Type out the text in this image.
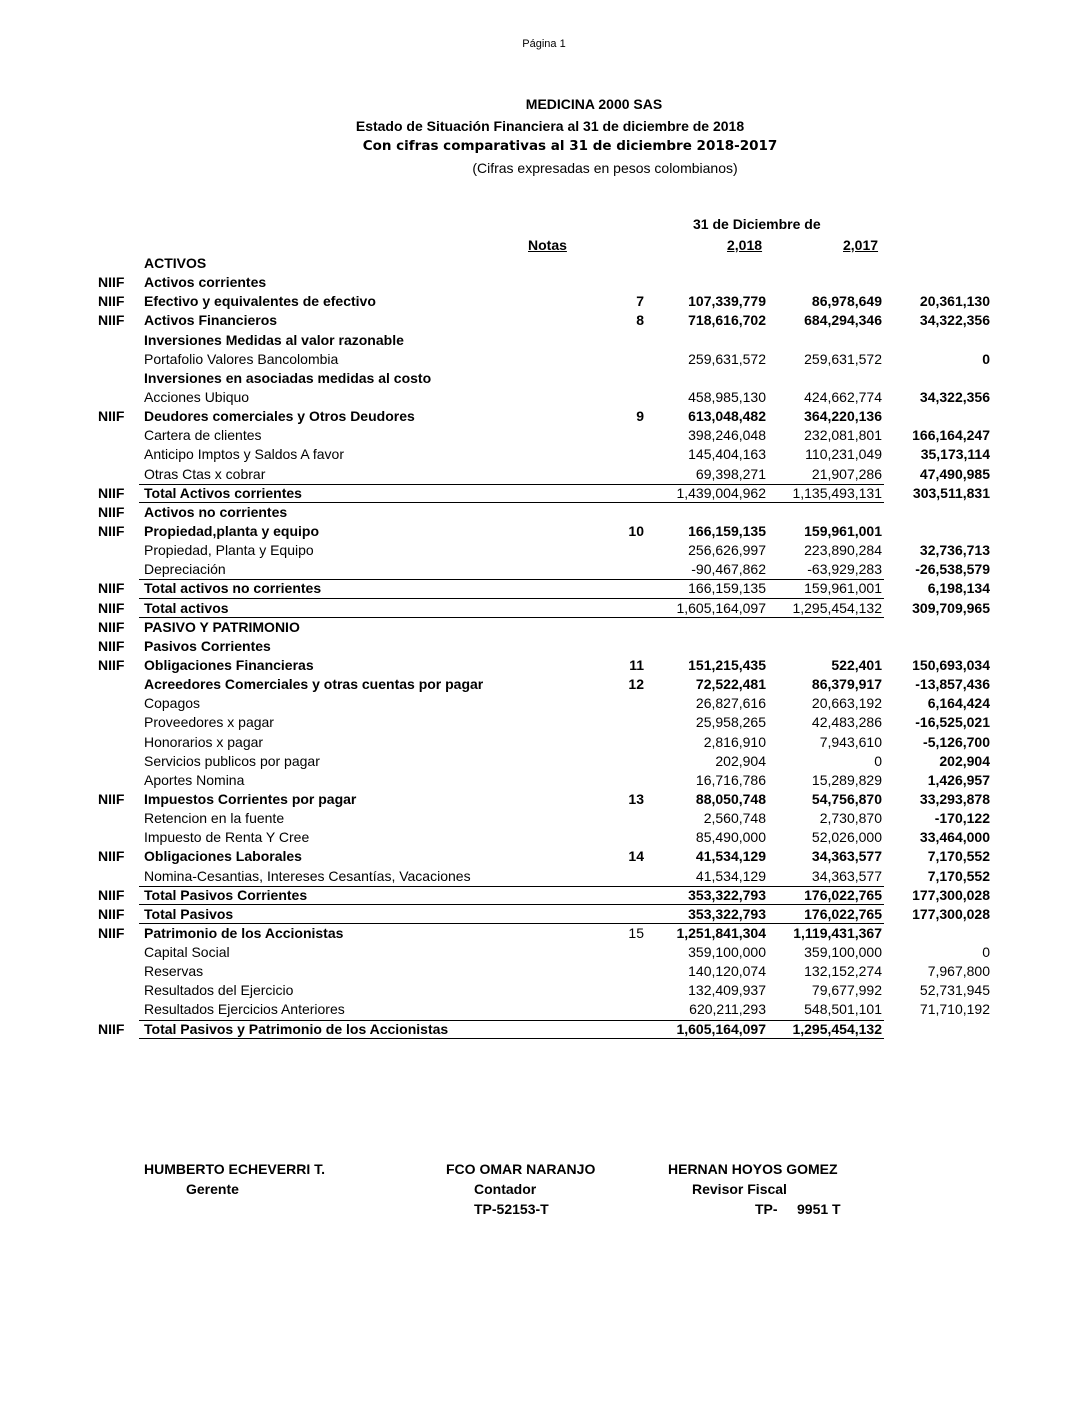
Página 1
MEDICINA 2000 SAS
Estado de Situación Financiera al 31 de diciembre de 2018
Con cifras comparativas al 31 de diciembre 2018-2017
(Cifras expresadas en pesos colombianos)
31 de Diciembre de
Notas	2,018	2,017
ACTIVOS
NIIF Activos corrientes
NIIF Efectivo y equivalentes de efectivo	7	107,339,779	86,978,649	20,361,130
NIIF Activos Financieros	8	718,616,702	684,294,346	34,322,356
Inversiones Medidas al valor razonable
Portafolio Valores Bancolombia	259,631,572	259,631,572	0
Inversiones en asociadas medidas al costo
Acciones Ubiquo	458,985,130	424,662,774	34,322,356
NIIF Deudores comerciales y Otros Deudores	9	613,048,482	364,220,136
Cartera de clientes	398,246,048	232,081,801 166,164,247
Anticipo Imptos y Saldos A favor	145,404,163	110,231,049	35,173,114
Otras Ctas x cobrar	69,398,271	21,907,286	47,490,985
NIIF Total Activos corrientes	1,439,004,962 1,135,493,131 303,511,831
NIIF Activos no corrientes
NIIF Propiedad,planta y equipo	10	166,159,135	159,961,001
Propiedad, Planta y Equipo	256,626,997	223,890,284	32,736,713
Depreciación	-90,467,862	-63,929,283 -26,538,579
NIIF Total activos no corrientes	166,159,135	159,961,001	6,198,134
NIIF Total activos	1,605,164,097 1,295,454,132 309,709,965
NIIF PASIVO Y PATRIMONIO
NIIF Pasivos Corrientes
NIIF Obligaciones Financieras	11	151,215,435	522,401 150,693,034
Acreedores Comerciales y otras cuentas por pagar	12	72,522,481	86,379,917 -13,857,436
Copagos	26,827,616	20,663,192	6,164,424
Proveedores x pagar	25,958,265	42,483,286 -16,525,021
Honorarios x pagar	2,816,910	7,943,610	-5,126,700
Servicios publicos por pagar	202,904	0	202,904
Aportes Nomina	16,716,786	15,289,829	1,426,957
NIIF Impuestos Corrientes por pagar	13	88,050,748	54,756,870	33,293,878
Retencion en la fuente	2,560,748	2,730,870	-170,122
Impuesto de Renta Y Cree	85,490,000	52,026,000	33,464,000
NIIF Obligaciones Laborales	14	41,534,129	34,363,577	7,170,552
Nomina-Cesantias, Intereses Cesantías, Vacaciones	41,534,129	34,363,577	7,170,552
NIIF Total Pasivos Corrientes	353,322,793	176,022,765 177,300,028
NIIF Total Pasivos	353,322,793	176,022,765 177,300,028
NIIF Patrimonio de los Accionistas	15 1,251,841,304 1,119,431,367
Capital Social	359,100,000	359,100,000	0
Reservas	140,120,074	132,152,274	7,967,800
Resultados del Ejercicio	132,409,937	79,677,992	52,731,945
Resultados Ejercicios Anteriores	620,211,293	548,501,101	71,710,192
NIIF Total Pasivos y Patrimonio de los Accionistas	1,605,164,097 1,295,454,132
HUMBERTO ECHEVERRI T.
Gerente
FCO OMAR NARANJO
Contador
TP-52153-T
HERNAN HOYOS GOMEZ
Revisor Fiscal
TP-     9951 T
